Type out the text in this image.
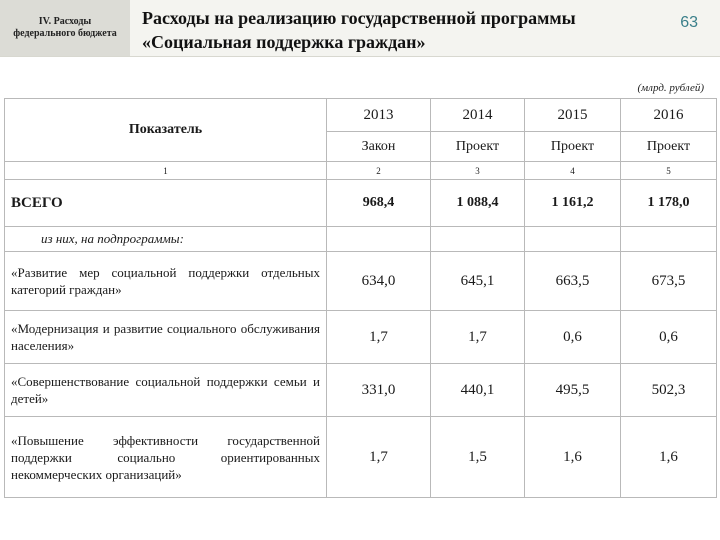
IV. Расходы
федерального бюджета
Расходы на реализацию государственной программы
«Социальная поддержка граждан»
63
(млрд. рублей)
Показатель	2013	2014	2015	2016
	Закон	Проект	Проект	Проект
1	2	3	4	5
ВСЕГО	968,4	1 088,4	1 161,2	1 178,0
из них, на подпрограммы:				
«Развитие мер социальной поддержки отдельных категорий граждан»	634,0	645,1	663,5	673,5
«Модернизация и развитие социального обслуживания населения»	1,7	1,7	0,6	0,6
«Совершенствование социальной поддержки семьи и детей»	331,0	440,1	495,5	502,3
«Повышение эффективности государственной поддержки социально ориентированных некоммерческих организаций»	1,7	1,5	1,6	1,6
